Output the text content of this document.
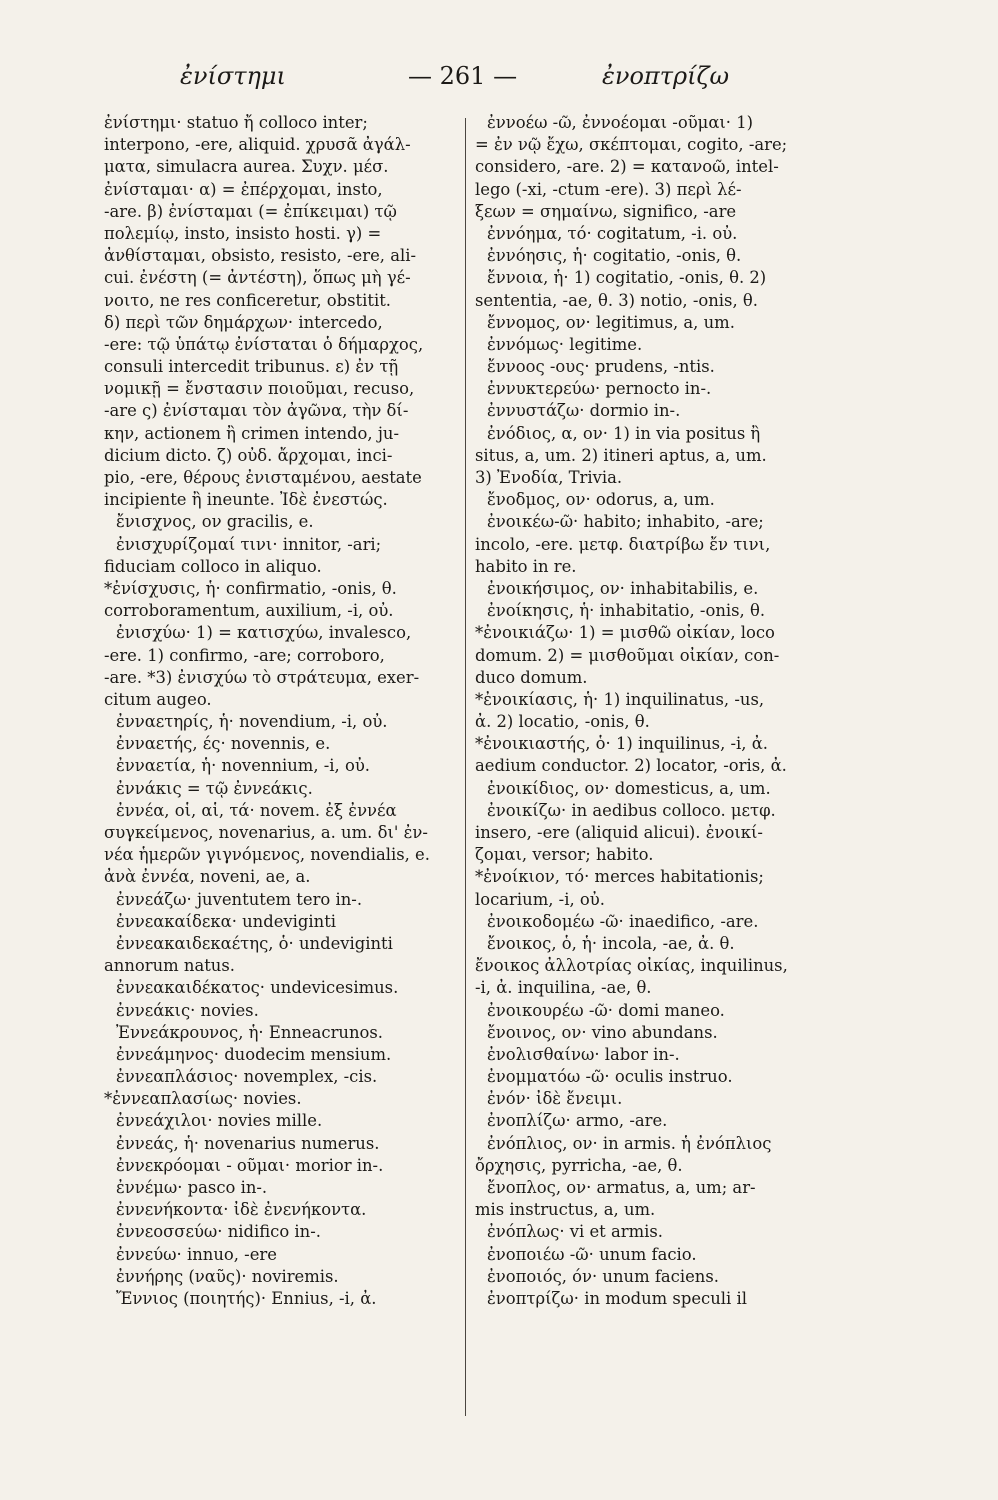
ἐνίστημι	— 261 —	ἐνοπτρίζω
ἐνίστημι· statuo ἤ colloco inter;
interpono, -ere, aliquid. χρυσᾶ ἀγάλ-
ματα, simulacra aurea. Συχν. μέσ.
ἐνίσταμαι· α) = ἐπέρχομαι, insto,
-are. β) ἐνίσταμαι (= ἐπίκειμαι) τῷ
πολεμίῳ, insto, insisto hosti. γ) =
ἀνθίσταμαι, obsisto, resisto, -ere, ali-
cui. ἐνέστη (= ἀντέστη), ὅπως μὴ γέ-
νοιτο, ne res conficeretur, obstitit.
δ) περὶ τῶν δημάρχων· intercedo,
-ere: τῷ ὑπάτῳ ἐνίσταται ὁ δήμαρχος,
consuli intercedit tribunus. ε) ἐν τῇ
νομικῇ = ἔνστασιν ποιοῦμαι, recuso,
-are ς) ἐνίσταμαι τὸν ἀγῶνα, τὴν δί-
κην, actionem ἢ crimen intendo, ju-
dicium dicto. ζ) οὐδ. ἄρχομαι, inci-
pio, -ere, θέρους ἐνισταμένου, aestate
incipiente ἢ ineunte. Ἰδὲ ἐνεστώς.
ἔνισχνος, ον gracilis, e.
ἐνισχυρίζομαί τινι· innitor, -ari;
fiduciam colloco in aliquo.
*ἐνίσχυσις, ἡ· confirmatio, -onis, θ.
corroboramentum, auxilium, -i, οὐ.
ἐνισχύω· 1) = κατισχύω, invalesco,
-ere. 1) confirmo, -are; corroboro,
-are. *3) ἐνισχύω τὸ στράτευμα, exer-
citum augeo.
ἐνναετηρίς, ἡ· novendium, -i, οὐ.
ἐνναετής, ές· novennis, e.
ἐνναετία, ἡ· novennium, -i, οὐ.
ἐννάκις = τῷ ἐννεάκις.
ἐννέα, οἱ, αἱ, τά· novem. ἐξ ἐννέα
συγκείμενος, novenarius, a. um. δι' ἐν-
νέα ἡμερῶν γιγνόμενος, novendialis, e.
ἀνὰ ἐννέα, noveni, ae, a.
ἐννεάζω· juventutem tero in-.
ἐννεακαίδεκα· undeviginti
ἐννεακαιδεκαέτης, ὁ· undeviginti
annorum natus.
ἐννεακαιδέκατος· undevicesimus.
ἐννεάκις· novies.
Ἐννεάκρουνος, ἡ· Enneacrunos.
ἐννεάμηνος· duodecim mensium.
ἐννεαπλάσιος· novemplex, -cis.
*ἐννεαπλασίως· novies.
ἐννεάχιλοι· novies mille.
ἐννεάς, ἡ· novenarius numerus.
ἐννεκρόομαι - οῦμαι· morior in-.
ἐννέμω· pasco in-.
ἐννενήκοντα· ἰδὲ ἐνενήκοντα.
ἐννεοσσεύω· nidifico in-.
ἐννεύω· innuo, -ere
ἐννήρης (ναῦς)· noviremis.
Ἔννιος (ποιητής)· Ennius, -i, ἀ.
ἐννοέω -ῶ, ἐννοέομαι -οῦμαι· 1)
= ἐν νῷ ἔχω, σκέπτομαι, cogito, -are;
considero, -are. 2) = κατανοῶ, intel-
lego (-xi, -ctum -ere). 3) περὶ λέ-
ξεων = σημαίνω, significo, -are
ἐννόημα, τό· cogitatum, -i. οὐ.
ἐννόησις, ἡ· cogitatio, -onis, θ.
ἔννοια, ἡ· 1) cogitatio, -onis, θ. 2)
sententia, -ae, θ. 3) notio, -onis, θ.
ἔννομος, ον· legitimus, a, um.
ἐννόμως· legitime.
ἔννοος -ους· prudens, -ntis.
ἐννυκτερεύω· pernocto in-.
ἐννυστάζω· dormio in-.
ἐνόδιος, α, ον· 1) in via positus ἢ
situs, a, um. 2) itineri aptus, a, um.
3) Ἐνοδία, Trivia.
ἔνοδμος, ον· odorus, a, um.
ἐνοικέω-ῶ· habito; inhabito, -are;
incolo, -ere. μετφ. διατρίβω ἔν τινι,
habito in re.
ἐνοικήσιμος, ον· inhabitabilis, e.
ἐνοίκησις, ἡ· inhabitatio, -onis, θ.
*ἐνοικιάζω· 1) = μισθῶ οἰκίαν, loco
domum. 2) = μισθοῦμαι οἰκίαν, con-
duco domum.
*ἐνοικίασις, ἡ· 1) inquilinatus, -us,
ἀ. 2) locatio, -onis, θ.
*ἐνοικιαστής, ὁ· 1) inquilinus, -i, ἀ.
aedium conductor. 2) locator, -oris, ἀ.
ἐνοικίδιος, ον· domesticus, a, um.
ἐνοικίζω· in aedibus colloco. μετφ.
insero, -ere (aliquid alicui). ἐνοικί-
ζομαι, versor; habito.
*ἐνοίκιον, τό· merces habitationis;
locarium, -i, οὐ.
ἐνοικοδομέω -ῶ· inaedifico, -are.
ἔνοικος, ὁ, ἡ· incola, -ae, ἀ. θ.
ἔνοικος ἀλλοτρίας οἰκίας, inquilinus,
-i, ἀ. inquilina, -ae, θ.
ἐνοικουρέω -ῶ· domi maneo.
ἔνοινος, ον· vino abundans.
ἐνολισθαίνω· labor in-.
ἐνομματόω -ῶ· oculis instruo.
ἐνόν· ἰδὲ ἔνειμι.
ἐνοπλίζω· armo, -are.
ἐνόπλιος, ον· in armis. ἡ ἐνόπλιος
ὄρχησις, pyrricha, -ae, θ.
ἔνοπλος, ον· armatus, a, um; ar-
mis instructus, a, um.
ἐνόπλως· vi et armis.
ἐνοποιέω -ῶ· unum facio.
ἐνοποιός, όν· unum faciens.
ἐνοπτρίζω· in modum speculi il
